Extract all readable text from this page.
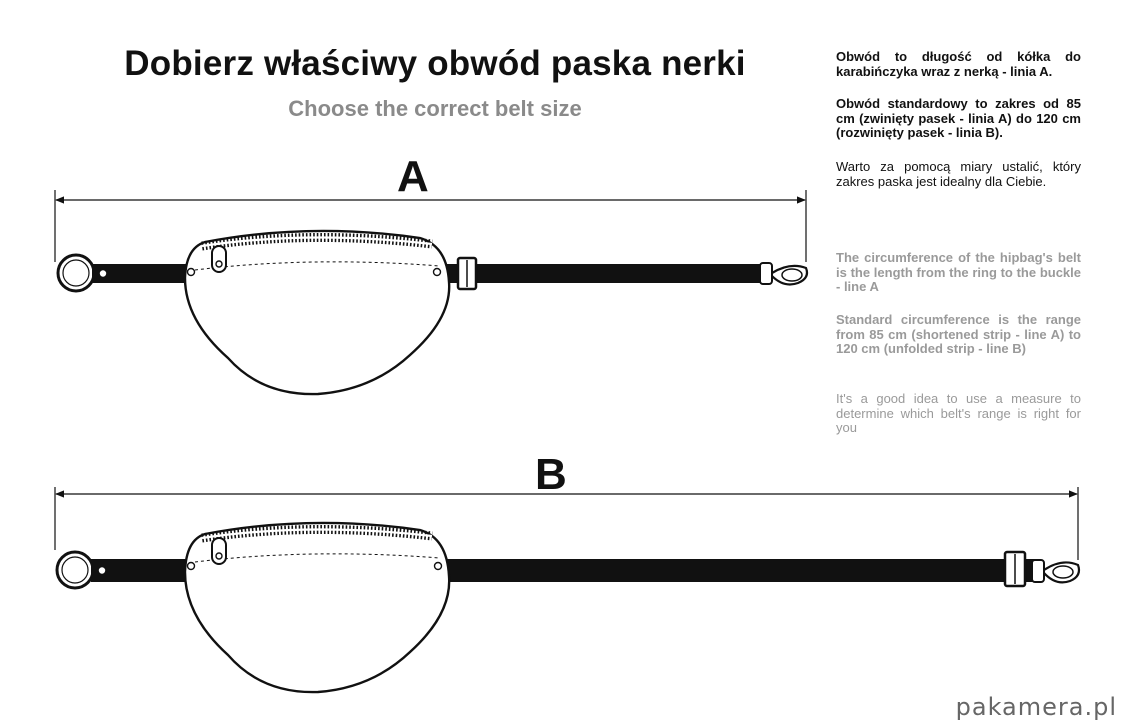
Dobierz właściwy obwód paska nerki
Choose the correct belt size
Obwód to długość od kółka do karabińczyka wraz z nerką - linia A.
Obwód standardowy to zakres od 85 cm (zwinięty pasek - linia A) do 120 cm (rozwinięty pasek - linia B).
Warto za pomocą miary ustalić, który zakres paska jest idealny dla Ciebie.
The circumference of the hipbag's belt is the length from the ring to the buckle - line A
Standard circumference is the range from 85 cm (shortened strip - line A) to 120 cm (unfolded strip - line B)
It's a good idea to use a measure to determine which belt's range is right for you
A
B
pakamera.pl
